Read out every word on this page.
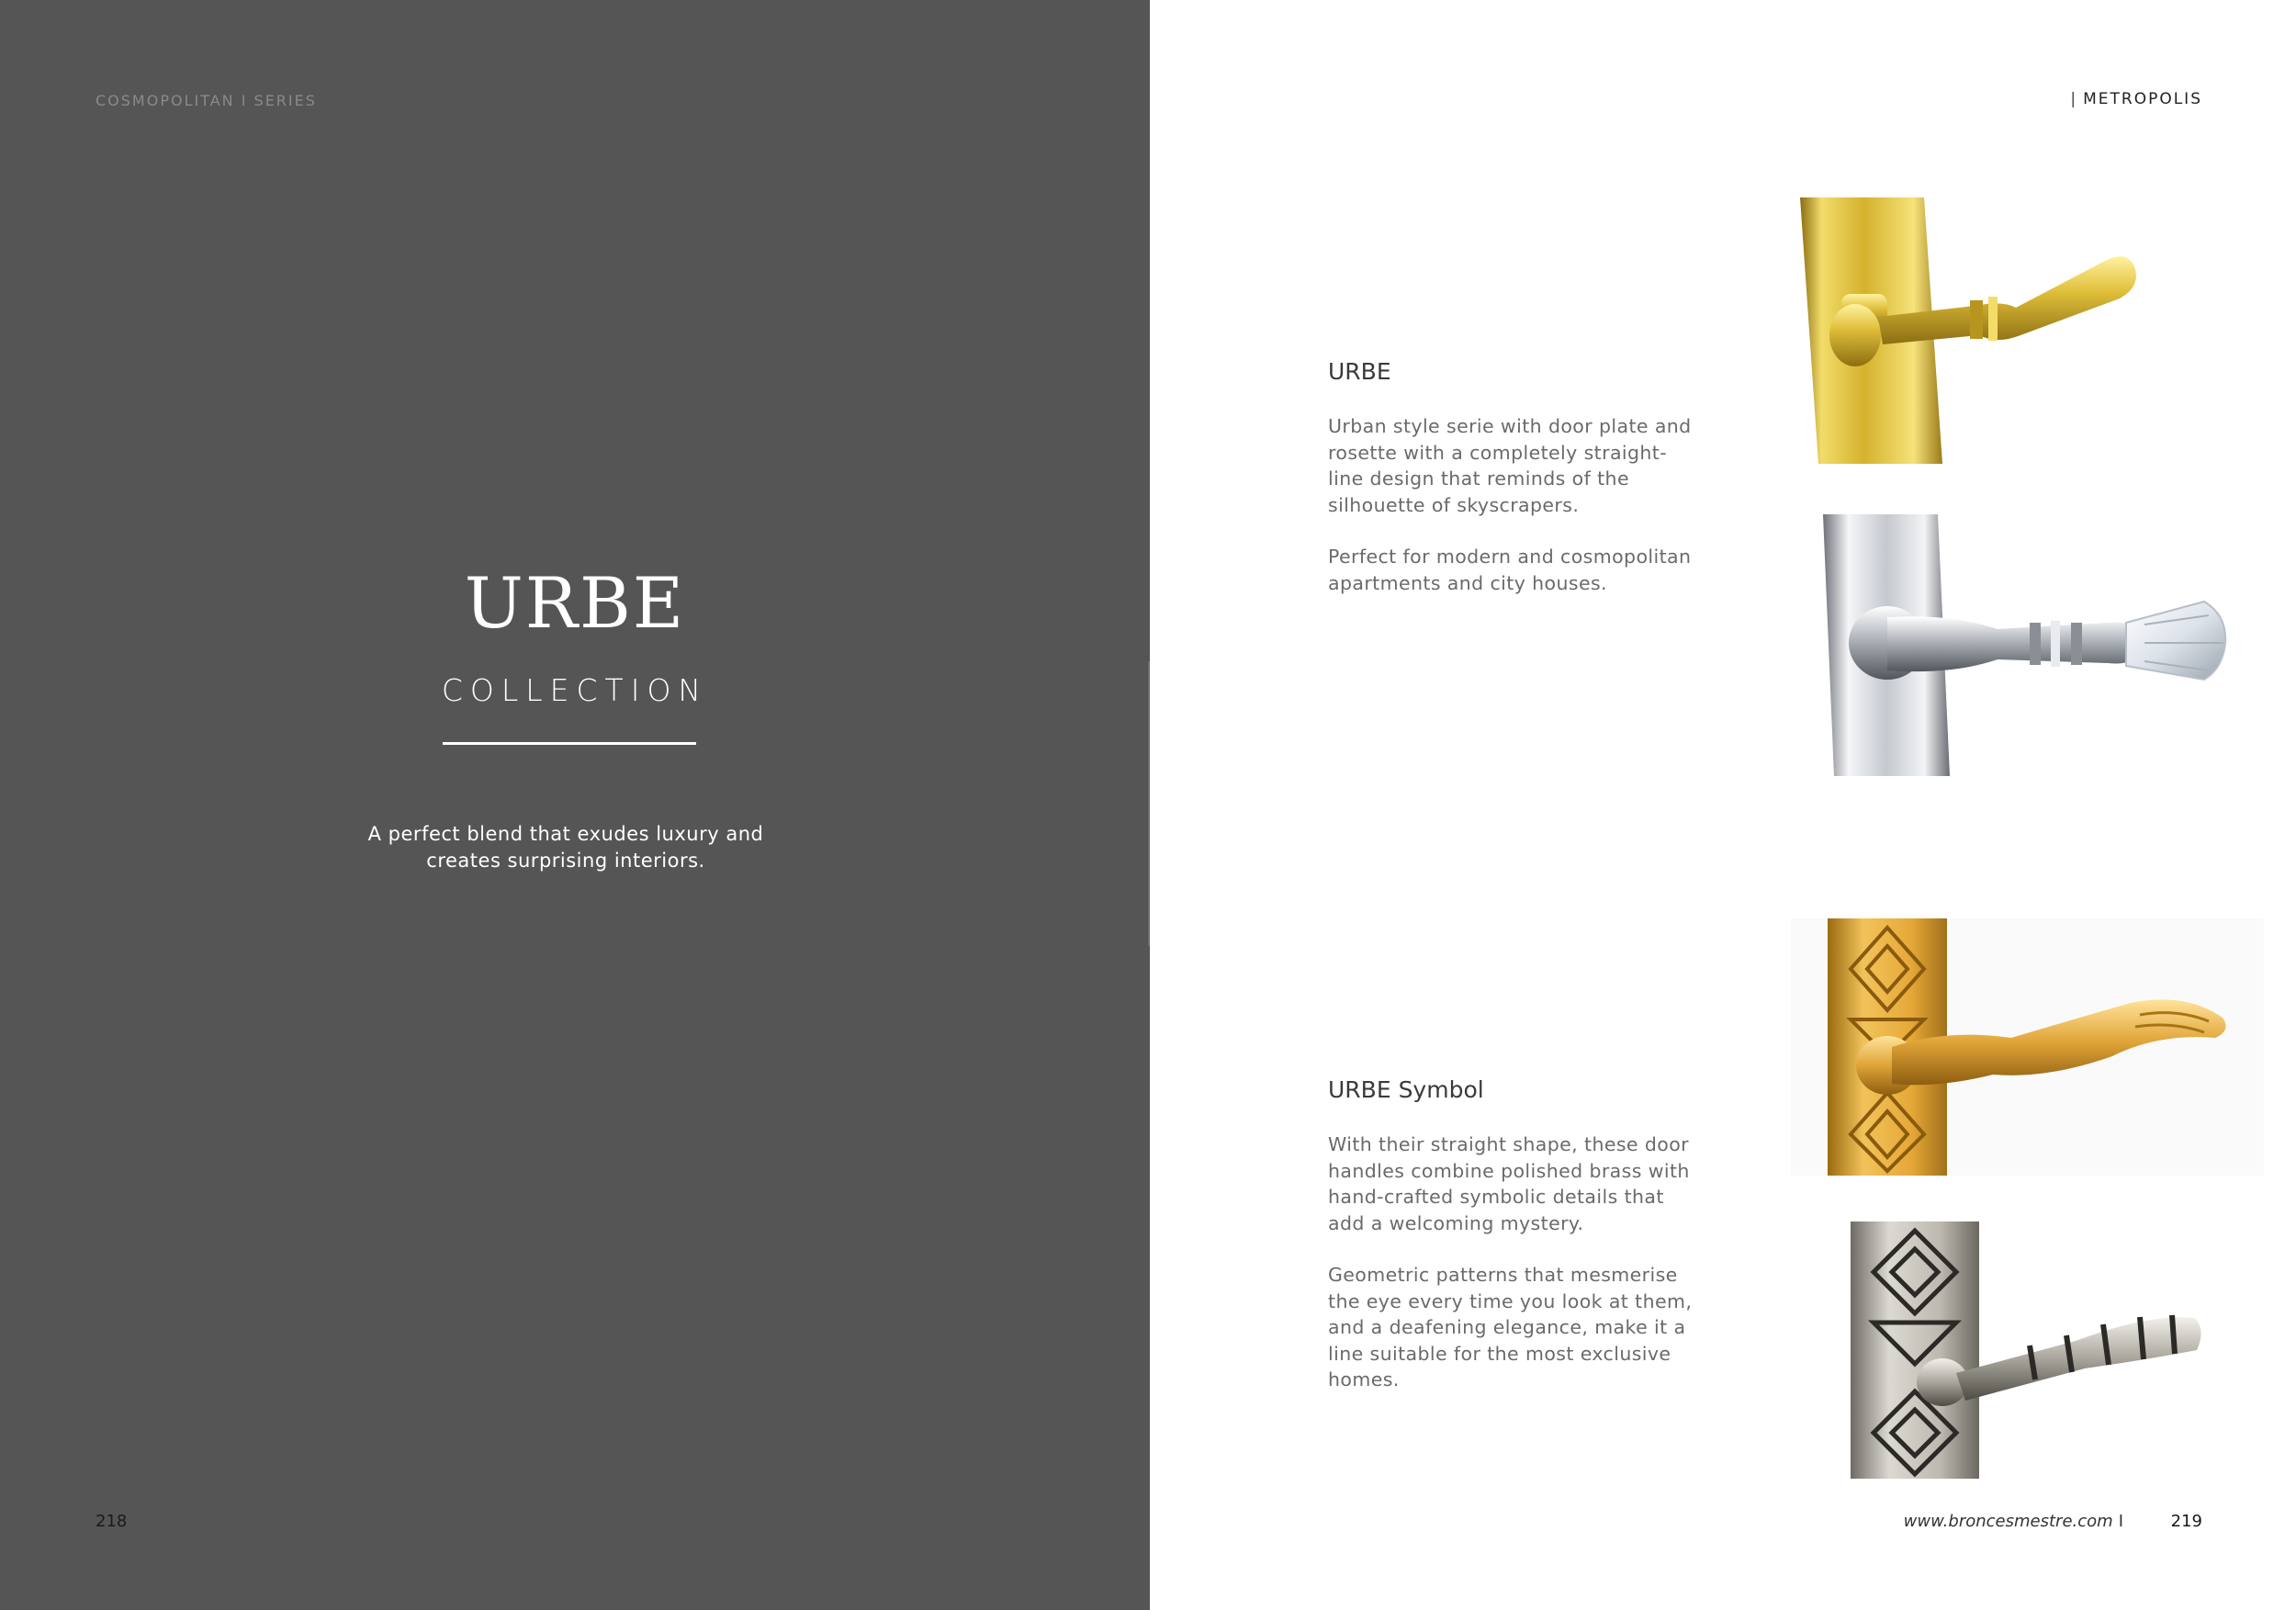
COSMOPOLITAN I SERIES
URBE
COLLECTION
A perfect blend that exudes luxury and creates surprising interiors.
218
| METROPOLIS
URBE

Urban style serie with door plate and rosette with a completely straight-line design that reminds of the silhouette of skyscrapers.

Perfect for modern and cosmopolitan apartments and city houses.

URBE Symbol

With their straight shape, these door handles combine polished brass with hand-crafted symbolic details that add a welcoming mystery.

Geometric patterns that mesmerise the eye every time you look at them, and a deafening elegance, make it a line suitable for the most exclusive homes.

www.broncesmestre.com I	219
